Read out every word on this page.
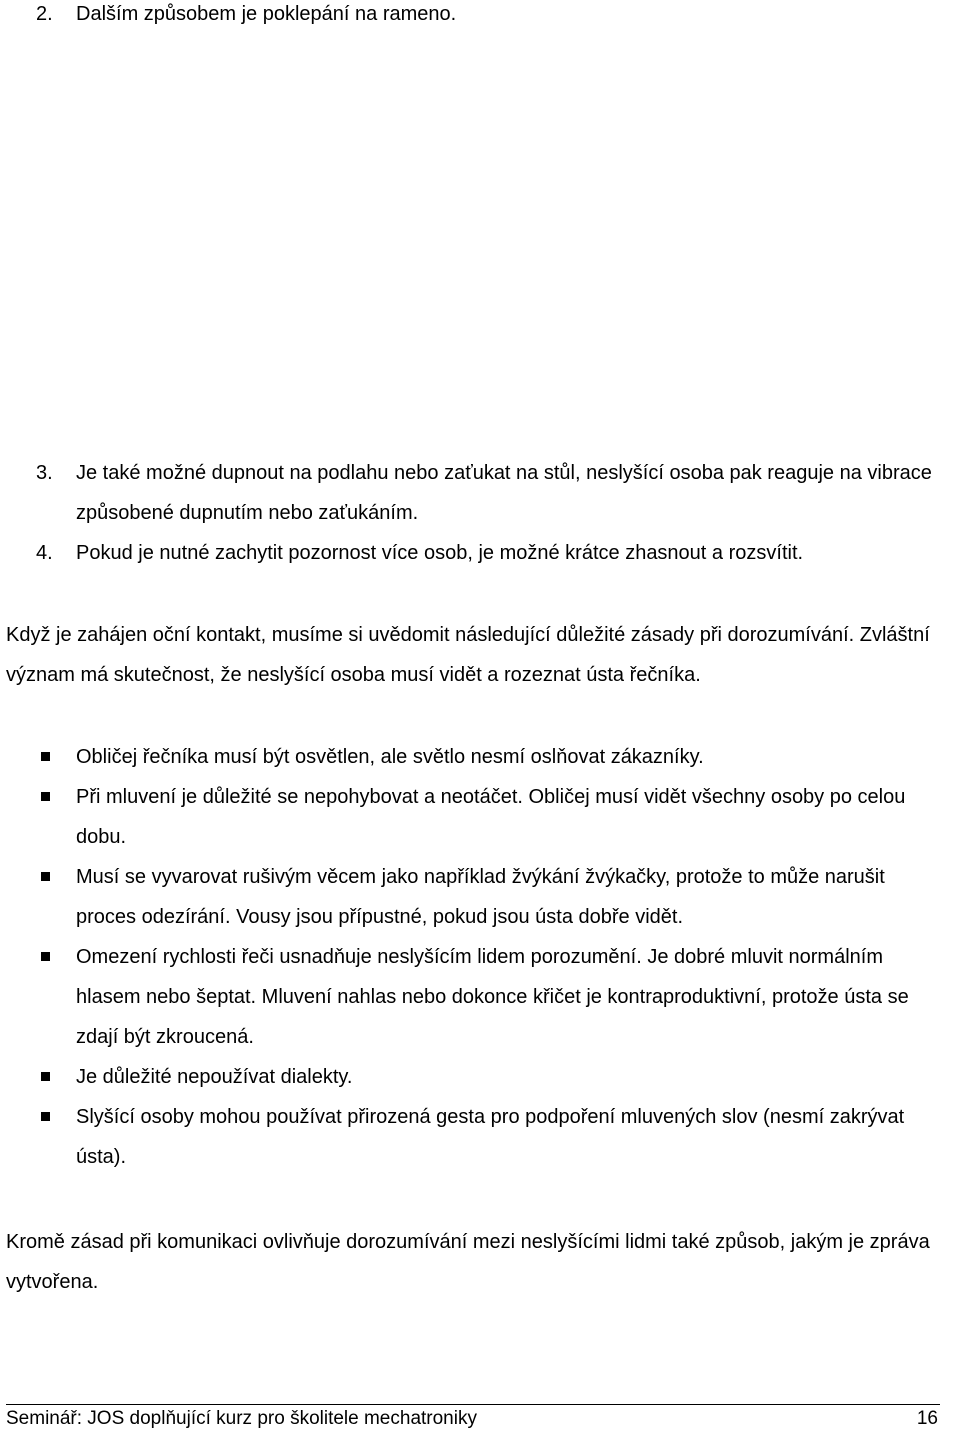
2. Dalším způsobem je poklepání na rameno.
3. Je také možné dupnout na podlahu nebo zaťukat na stůl, neslyšící osoba pak reaguje na vibrace způsobené dupnutím nebo zaťukáním.
4. Pokud je nutné zachytit pozornost více osob, je možné krátce zhasnout a rozsvítit.
Když je zahájen oční kontakt, musíme si uvědomit následující důležité zásady při dorozumívání. Zvláštní význam má skutečnost, že neslyšící osoba musí vidět a rozeznat ústa řečníka.
Obličej řečníka musí být osvětlen, ale světlo nesmí oslňovat zákazníky.
Při mluvení je důležité se nepohybovat a neotáčet. Obličej musí vidět všechny osoby po celou dobu.
Musí se vyvarovat rušivým věcem jako například žvýkání žvýkačky, protože to může narušit proces odezírání. Vousy jsou přípustné, pokud jsou ústa dobře vidět.
Omezení rychlosti řeči usnadňuje neslyšícím lidem porozumění. Je dobré mluvit normálním hlasem nebo šeptat. Mluvení nahlas nebo dokonce křičet je kontraproduktivní, protože ústa se zdají být zkroucená.
Je důležité nepoužívat dialekty.
Slyšící osoby mohou používat přirozená gesta pro podpoření mluvených slov (nesmí zakrývat ústa).
Kromě zásad při komunikaci ovlivňuje dorozumívání mezi neslyšícími lidmi také způsob, jakým je zpráva vytvořena.
Seminář: JOS doplňující kurz pro školitele mechatroniky	16
